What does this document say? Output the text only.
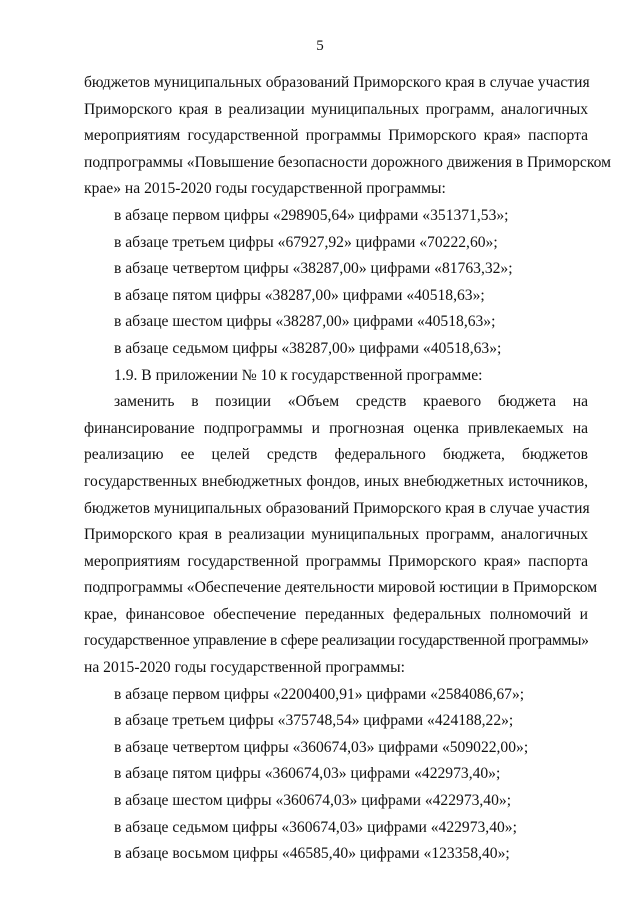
5
бюджетов муниципальных образований Приморского края в случае участия
Приморского края в реализации муниципальных программ, аналогичных
мероприятиям государственной программы Приморского края» паспорта
подпрограммы «Повышение безопасности дорожного движения в Приморском
крае» на 2015-2020 годы государственной программы:
в абзаце первом цифры «298905,64» цифрами «351371,53»;
в абзаце третьем цифры «67927,92» цифрами «70222,60»;
в абзаце четвертом цифры «38287,00» цифрами «81763,32»;
в абзаце пятом цифры «38287,00» цифрами «40518,63»;
в абзаце шестом цифры «38287,00» цифрами «40518,63»;
в абзаце седьмом цифры «38287,00» цифрами «40518,63»;
1.9. В приложении № 10 к государственной программе:
заменить в позиции «Объем средств краевого бюджета на
финансирование подпрограммы и прогнозная оценка привлекаемых на
реализацию ее целей средств федерального бюджета, бюджетов
государственных внебюджетных фондов, иных внебюджетных источников,
бюджетов муниципальных образований Приморского края в случае участия
Приморского края в реализации муниципальных программ, аналогичных
мероприятиям государственной программы Приморского края» паспорта
подпрограммы «Обеспечение деятельности мировой юстиции в Приморском
крае, финансовое обеспечение переданных федеральных полномочий и
государственное управление в сфере реализации государственной программы»
на 2015-2020 годы государственной программы:
в абзаце первом цифры «2200400,91» цифрами «2584086,67»;
в абзаце третьем цифры «375748,54» цифрами «424188,22»;
в абзаце четвертом цифры «360674,03» цифрами «509022,00»;
в абзаце пятом цифры «360674,03» цифрами «422973,40»;
в абзаце шестом цифры «360674,03» цифрами «422973,40»;
в абзаце седьмом цифры «360674,03» цифрами «422973,40»;
в абзаце восьмом цифры «46585,40» цифрами «123358,40»;
